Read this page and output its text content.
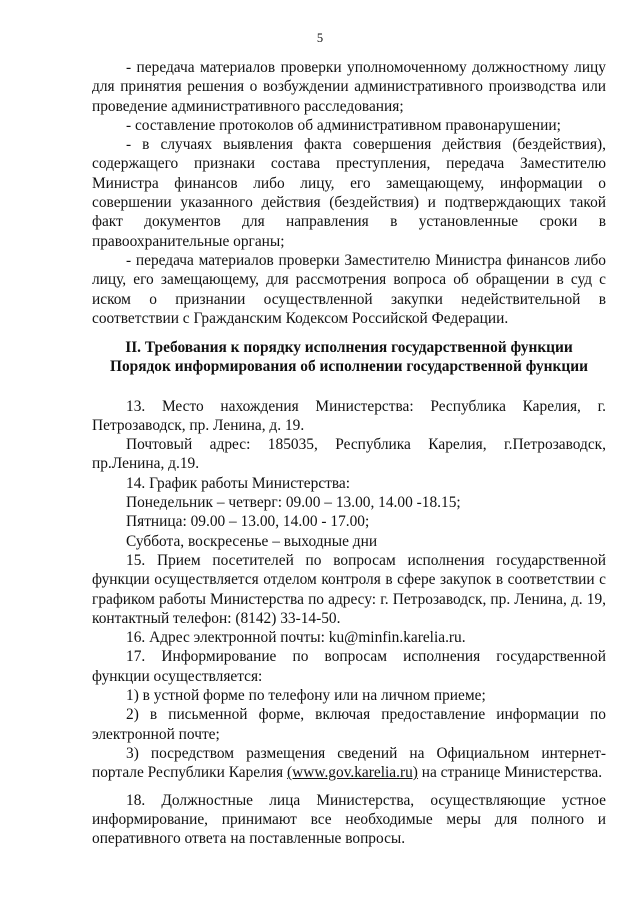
5

- передача материалов проверки уполномоченному должностному лицу для принятия решения о возбуждении административного производства или проведение административного расследования;

- составление протоколов об административном правонарушении;

- в случаях выявления факта совершения действия (бездействия), содержащего признаки состава преступления, передача Заместителю Министра финансов либо лицу, его замещающему, информации о совершении указанного действия (бездействия) и подтверждающих такой факт документов для направления в установленные сроки в правоохранительные органы;

- передача материалов проверки Заместителю Министра финансов либо лицу, его замещающему, для рассмотрения вопроса об обращении в суд с иском о признании осуществленной закупки недействительной в соответствии с Гражданским Кодексом Российской Федерации.

II. Требования к порядку исполнения государственной функции

Порядок информирования об исполнении государственной функции

13. Место нахождения Министерства: Республика Карелия, г. Петрозаводск, пр. Ленина, д. 19.

Почтовый адрес: 185035, Республика Карелия, г.Петрозаводск, пр.Ленина, д.19.

14. График работы Министерства:

Понедельник – четверг: 09.00 – 13.00, 14.00 -18.15;

Пятница: 09.00 – 13.00, 14.00 - 17.00;

Суббота, воскресенье – выходные дни

15. Прием посетителей по вопросам исполнения государственной функции осуществляется отделом контроля в сфере закупок в соответствии с графиком работы Министерства по адресу: г. Петрозаводск, пр. Ленина, д. 19, контактный телефон: (8142) 33-14-50.

16. Адрес электронной почты: ku@minfin.karelia.ru.

17. Информирование по вопросам исполнения государственной функции осуществляется:

1) в устной форме по телефону или на личном приеме;

2) в письменной форме, включая предоставление информации по электронной почте;

3) посредством размещения сведений на Официальном интернет-портале Республики Карелия (www.gov.karelia.ru) на странице Министерства.

18. Должностные лица Министерства, осуществляющие устное информирование, принимают все необходимые меры для полного и оперативного ответа на поставленные вопросы.
